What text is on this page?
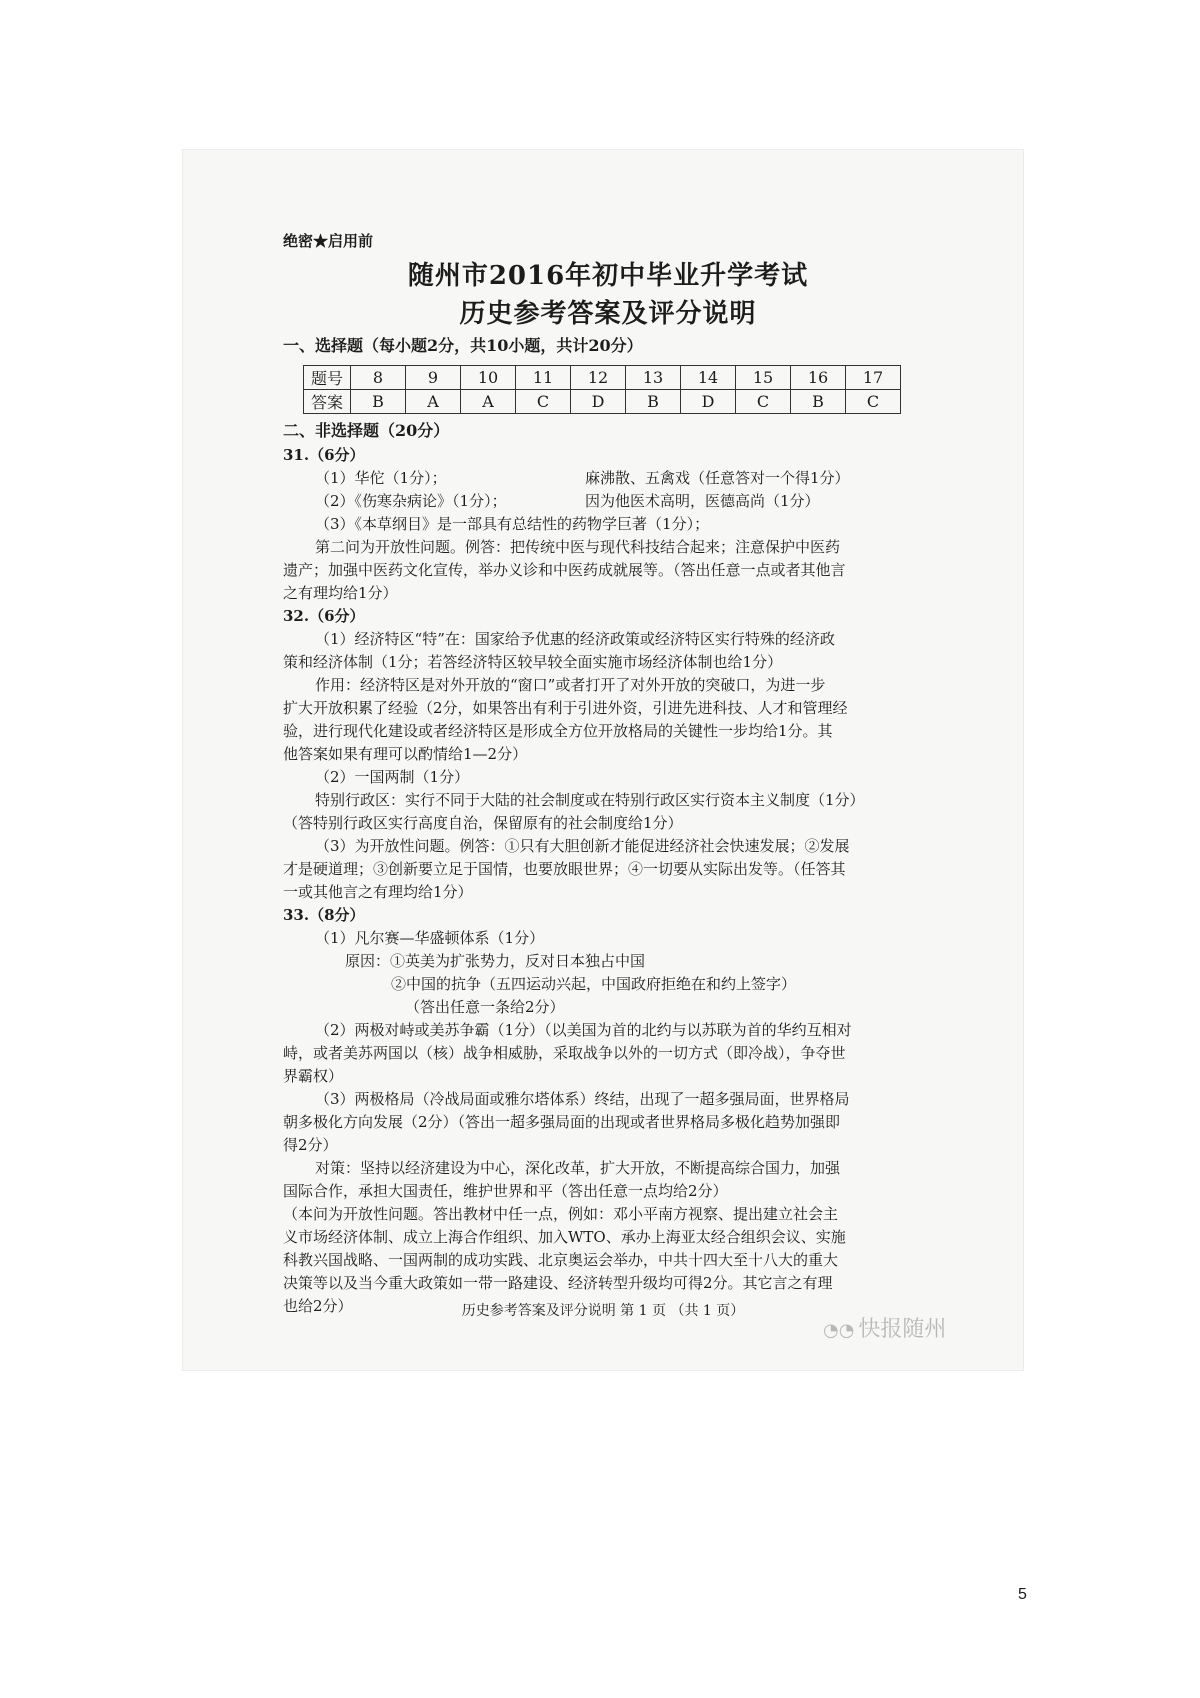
绝密★启用前
随州市2016年初中毕业升学考试
历史参考答案及评分说明
一、选择题（每小题2分，共10小题，共计20分）
题号	8	9	10	11	12	13	14	15	16	17
答案	B	A	A	C	D	B	D	C	B	C
二、非选择题（20分）
31.（6分）
（1）华佗（1分）；	麻沸散、五禽戏（任意答对一个得1分）
（2）《伤寒杂病论》（1分）；	因为他医术高明，医德高尚（1分）
（3）《本草纲目》是一部具有总结性的药物学巨著（1分）；
第二问为开放性问题。例答：把传统中医与现代科技结合起来；注意保护中医药
遗产；加强中医药文化宣传，举办义诊和中医药成就展等。（答出任意一点或者其他言
之有理均给1分）
32.（6分）
（1）经济特区“特”在：国家给予优惠的经济政策或经济特区实行特殊的经济政
策和经济体制（1分；若答经济特区较早较全面实施市场经济体制也给1分）
作用：经济特区是对外开放的“窗口”或者打开了对外开放的突破口，为进一步
扩大开放积累了经验（2分，如果答出有利于引进外资，引进先进科技、人才和管理经
验，进行现代化建设或者经济特区是形成全方位开放格局的关键性一步均给1分。其
他答案如果有理可以酌情给1—2分）
（2）一国两制（1分）
特别行政区：实行不同于大陆的社会制度或在特别行政区实行资本主义制度（1分）
（答特别行政区实行高度自治，保留原有的社会制度给1分）
（3）为开放性问题。例答：①只有大胆创新才能促进经济社会快速发展；②发展
才是硬道理；③创新要立足于国情，也要放眼世界；④一切要从实际出发等。（任答其
一或其他言之有理均给1分）
33.（8分）
（1）凡尔赛—华盛顿体系（1分）
原因：①英美为扩张势力，反对日本独占中国
②中国的抗争（五四运动兴起，中国政府拒绝在和约上签字）
（答出任意一条给2分）
（2）两极对峙或美苏争霸（1分）（以美国为首的北约与以苏联为首的华约互相对
峙，或者美苏两国以（核）战争相威胁，采取战争以外的一切方式（即冷战），争夺世
界霸权）
（3）两极格局（冷战局面或雅尔塔体系）终结，出现了一超多强局面，世界格局
朝多极化方向发展（2分）（答出一超多强局面的出现或者世界格局多极化趋势加强即
得2分）
对策：坚持以经济建设为中心，深化改革，扩大开放，不断提高综合国力，加强
国际合作，承担大国责任，维护世界和平（答出任意一点均给2分）
（本问为开放性问题。答出教材中任一点，例如：邓小平南方视察、提出建立社会主
义市场经济体制、成立上海合作组织、加入WTO、承办上海亚太经合组织会议、实施
科教兴国战略、一国两制的成功实践、北京奥运会举办，中共十四大至十八大的重大
决策等以及当今重大政策如一带一路建设、经济转型升级均可得2分。其它言之有理
也给2分）	历史参考答案及评分说明 第 1 页 （共 1 页）
◔◔ 快报随州
5
